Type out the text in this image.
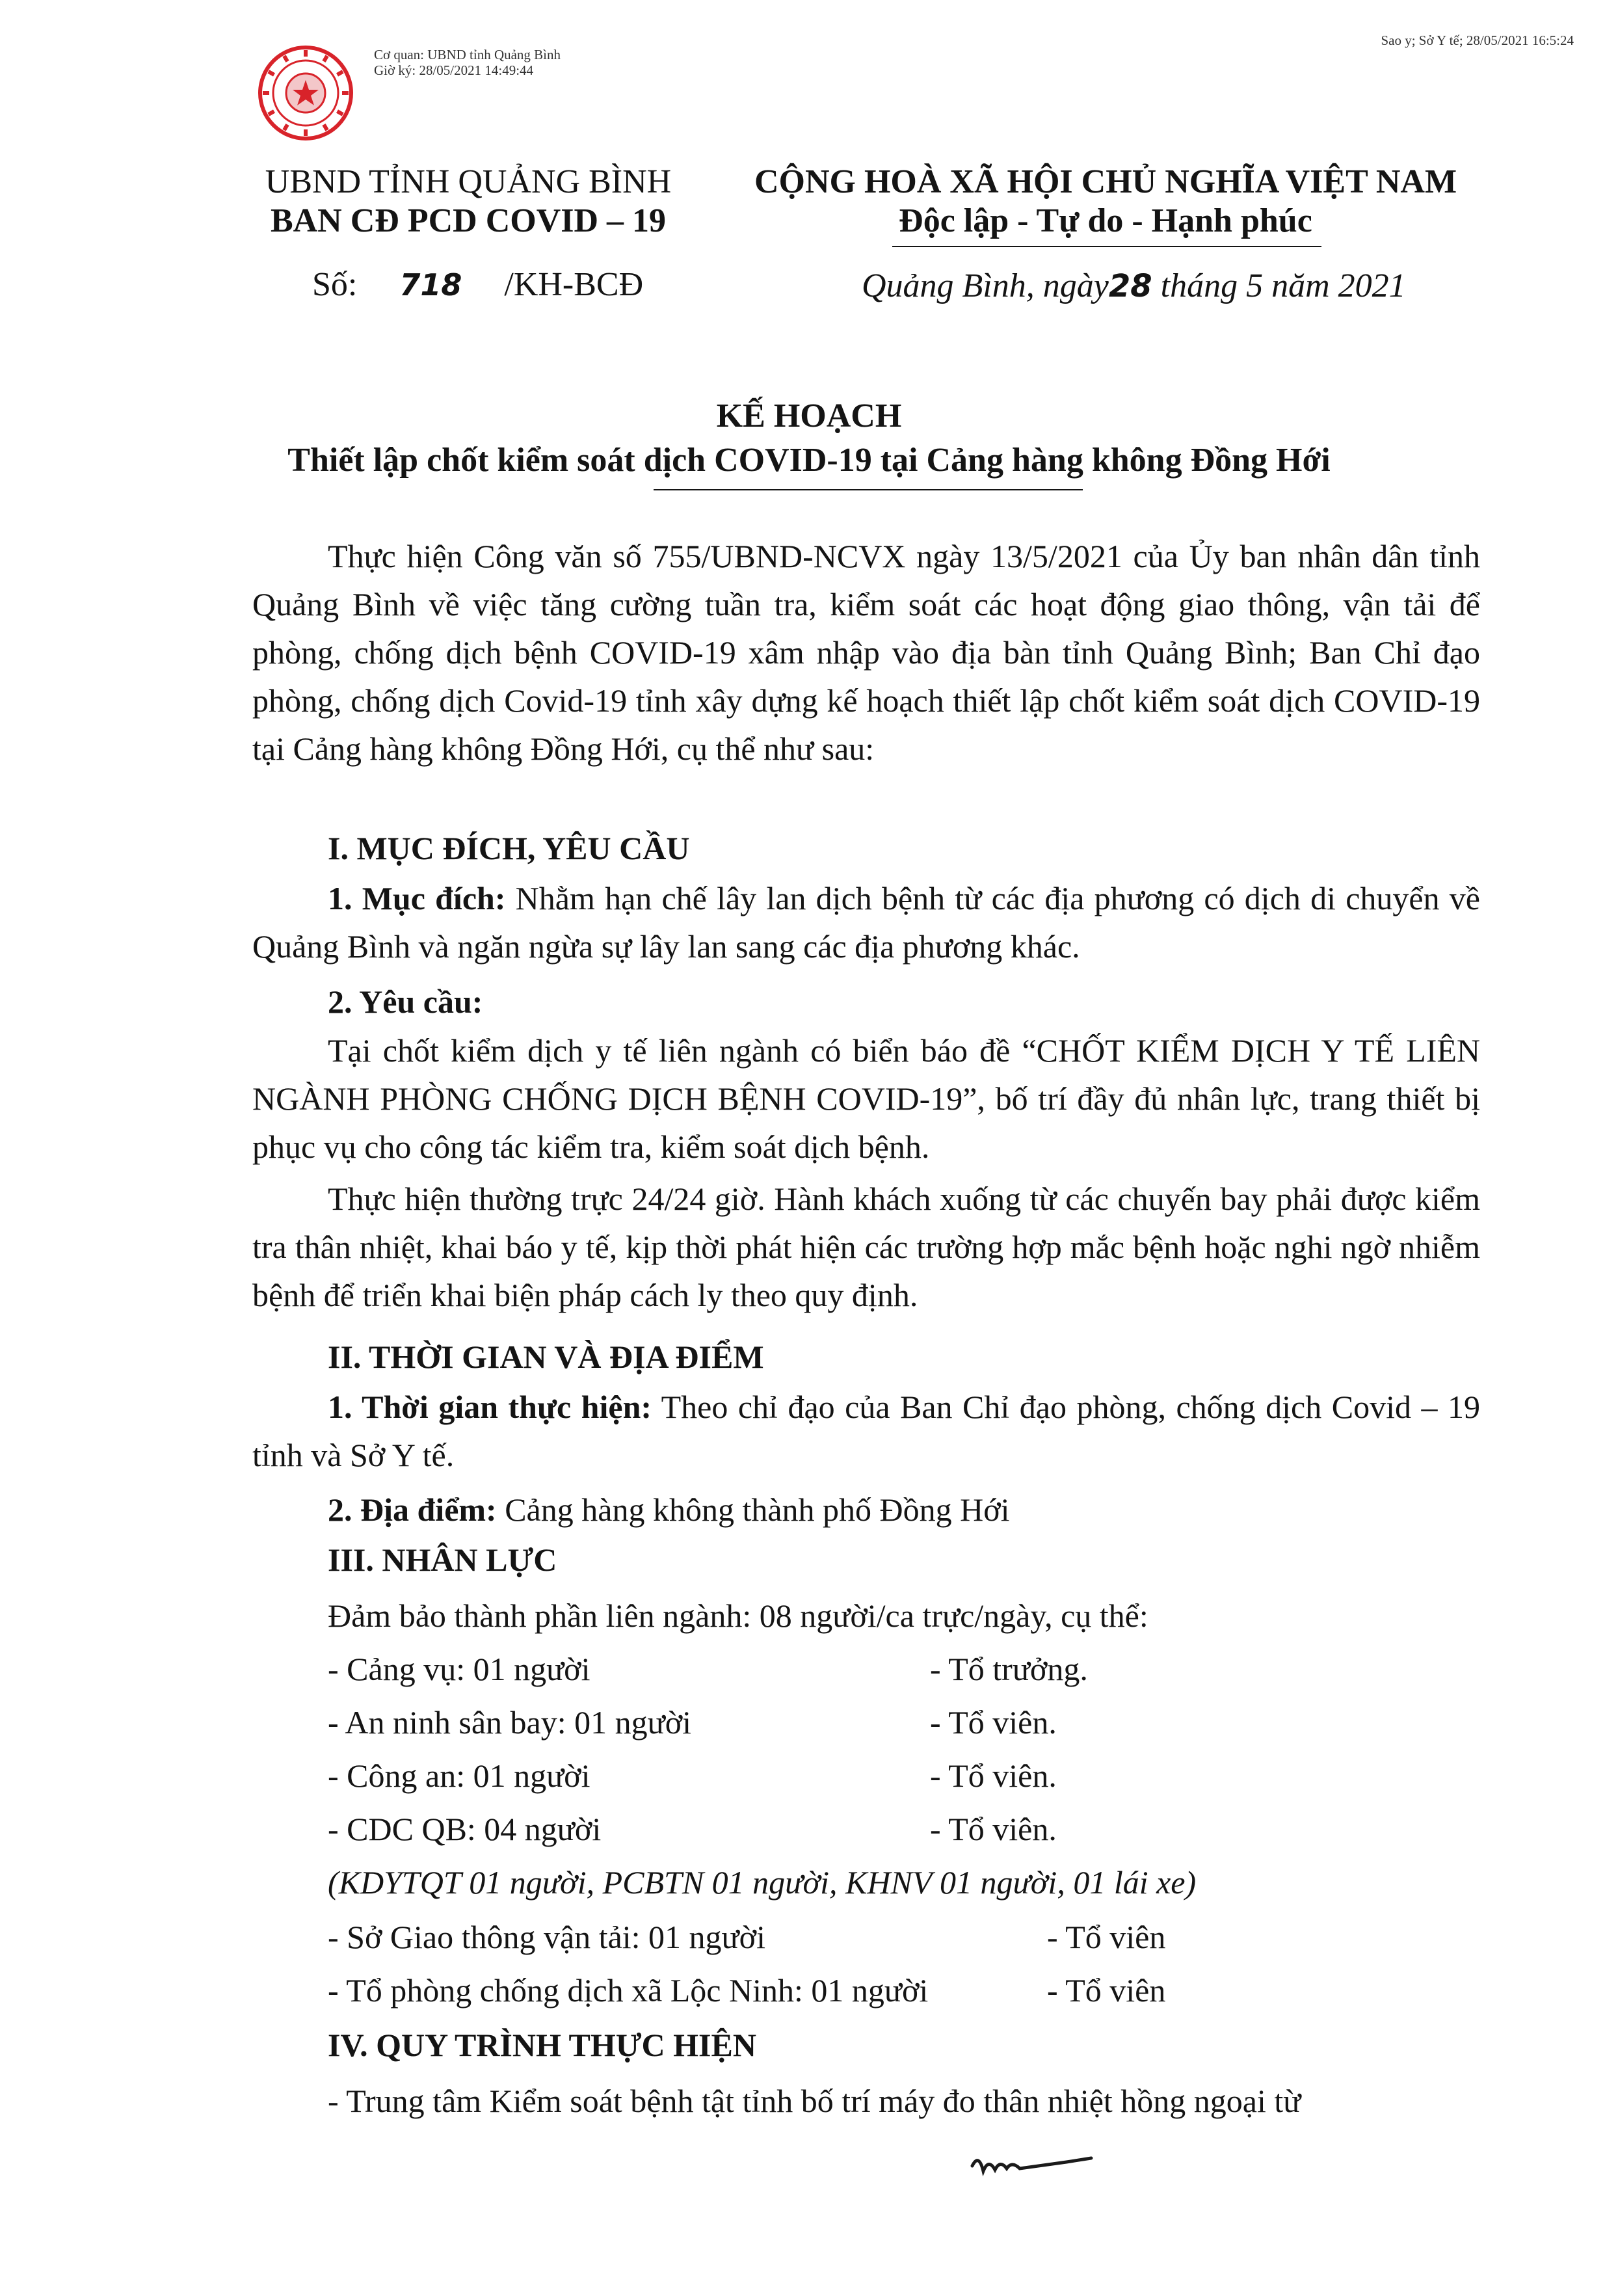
Cơ quan: UBND tỉnh Quảng Bình
Giờ ký: 28/05/2021 14:49:44
Sao y; Sở Y tế; 28/05/2021 16:5:24
UBND TỈNH QUẢNG BÌNH
BAN CĐ PCD COVID – 19
Số: 718 /KH-BCĐ
CỘNG HOÀ XÃ HỘI CHỦ NGHĨA VIỆT NAM
Độc lập - Tự do - Hạnh phúc
Quảng Bình, ngày28 tháng 5 năm 2021
KẾ HOẠCH
Thiết lập chốt kiểm soát dịch COVID-19 tại Cảng hàng không Đồng Hới
Thực hiện Công văn số 755/UBND-NCVX ngày 13/5/2021 của Ủy ban nhân dân tỉnh Quảng Bình về việc tăng cường tuần tra, kiểm soát các hoạt động giao thông, vận tải để phòng, chống dịch bệnh COVID-19 xâm nhập vào địa bàn tỉnh Quảng Bình; Ban Chỉ đạo phòng, chống dịch Covid-19 tỉnh xây dựng kế hoạch thiết lập chốt kiểm soát dịch COVID-19 tại Cảng hàng không Đồng Hới, cụ thể như sau:
I. MỤC ĐÍCH, YÊU CẦU
1. Mục đích: Nhằm hạn chế lây lan dịch bệnh từ các địa phương có dịch di chuyển về Quảng Bình và ngăn ngừa sự lây lan sang các địa phương khác.
2. Yêu cầu:
Tại chốt kiểm dịch y tế liên ngành có biển báo đề “CHỐT KIỂM DỊCH Y TẾ LIÊN NGÀNH PHÒNG CHỐNG DỊCH BỆNH COVID-19”, bố trí đầy đủ nhân lực, trang thiết bị phục vụ cho công tác kiểm tra, kiểm soát dịch bệnh.
Thực hiện thường trực 24/24 giờ. Hành khách xuống từ các chuyến bay phải được kiểm tra thân nhiệt, khai báo y tế, kịp thời phát hiện các trường hợp mắc bệnh hoặc nghi ngờ nhiễm bệnh để triển khai biện pháp cách ly theo quy định.
II. THỜI GIAN VÀ ĐỊA ĐIỂM
1. Thời gian thực hiện: Theo chỉ đạo của Ban Chỉ đạo phòng, chống dịch Covid – 19 tỉnh và Sở Y tế.
2. Địa điểm: Cảng hàng không thành phố Đồng Hới
III. NHÂN LỰC
Đảm bảo thành phần liên ngành: 08 người/ca trực/ngày, cụ thể:
- Cảng vụ: 01 người	- Tổ trưởng.
- An ninh sân bay: 01 người	- Tổ viên.
- Công an: 01 người	- Tổ viên.
- CDC QB: 04 người	- Tổ viên.
(KDYTQT 01 người, PCBTN 01 người, KHNV 01 người, 01 lái xe)
- Sở Giao thông vận tải: 01 người	- Tổ viên
- Tổ phòng chống dịch xã Lộc Ninh: 01 người	- Tổ viên
IV. QUY TRÌNH THỰC HIỆN
- Trung tâm Kiểm soát bệnh tật tỉnh bố trí máy đo thân nhiệt hồng ngoại từ
